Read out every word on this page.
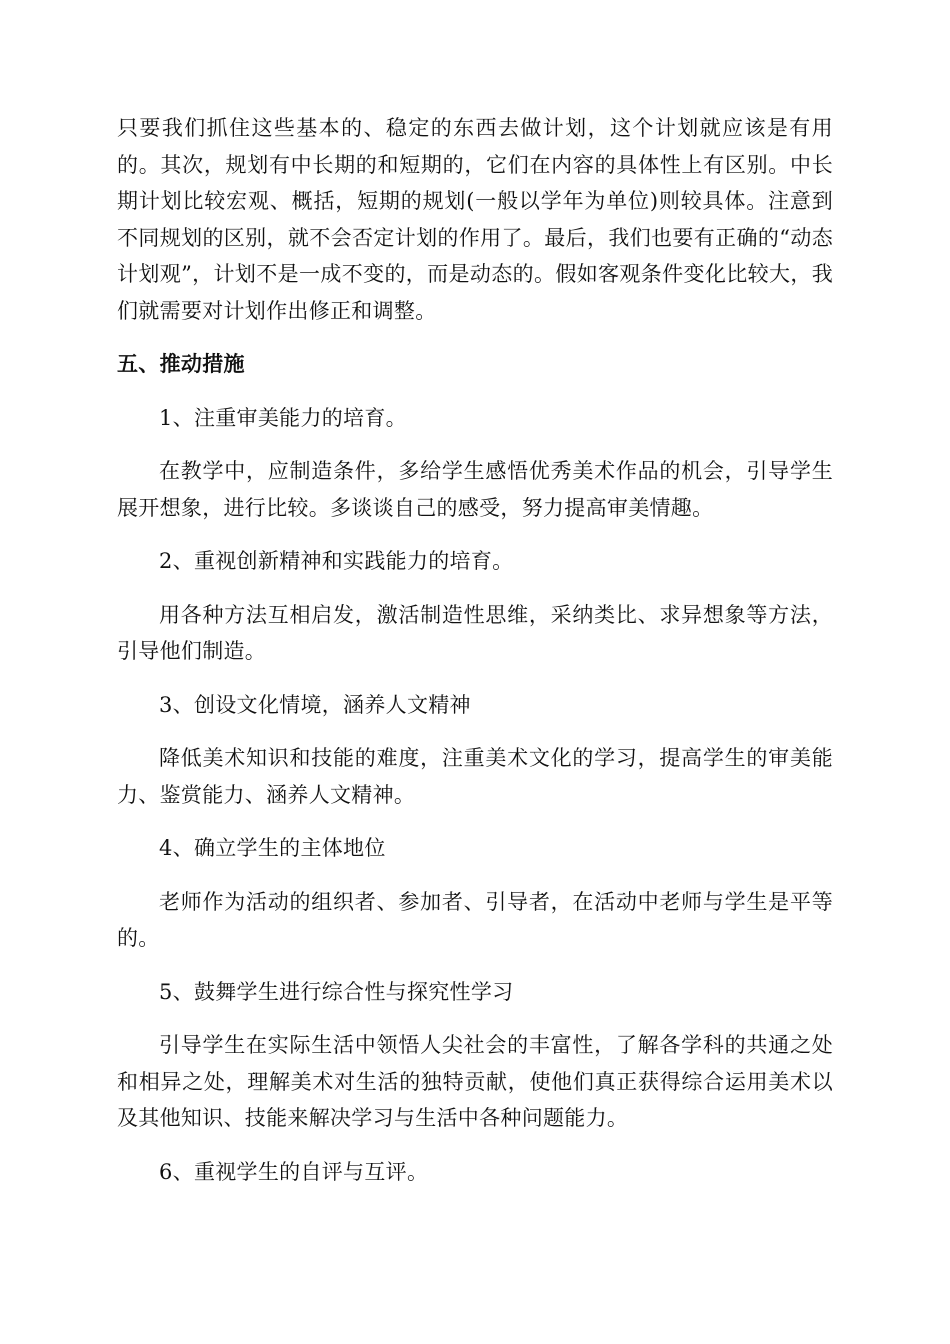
只要我们抓住这些基本的、稳定的东西去做计划，这个计划就应该是有用的。其次，规划有中长期的和短期的，它们在内容的具体性上有区别。中长期计划比较宏观、概括，短期的规划(一般以学年为单位)则较具体。注意到不同规划的区别，就不会否定计划的作用了。最后，我们也要有正确的“动态计划观”，计划不是一成不变的，而是动态的。假如客观条件变化比较大，我们就需要对计划作出修正和调整。

五、推动措施
1、注重审美能力的培育。

在教学中，应制造条件，多给学生感悟优秀美术作品的机会，引导学生展开想象，进行比较。多谈谈自己的感受，努力提高审美情趣。

2、重视创新精神和实践能力的培育。

用各种方法互相启发，激活制造性思维，采纳类比、求异想象等方法，引导他们制造。

3、创设文化情境，涵养人文精神

降低美术知识和技能的难度，注重美术文化的学习，提高学生的审美能力、鉴赏能力、涵养人文精神。

4、确立学生的主体地位

老师作为活动的组织者、参加者、引导者，在活动中老师与学生是平等的。

5、鼓舞学生进行综合性与探究性学习

引导学生在实际生活中领悟人尖社会的丰富性，了解各学科的共通之处和相异之处，理解美术对生活的独特贡献，使他们真正获得综合运用美术以及其他知识、技能来解决学习与生活中各种问题能力。

6、重视学生的自评与互评。
